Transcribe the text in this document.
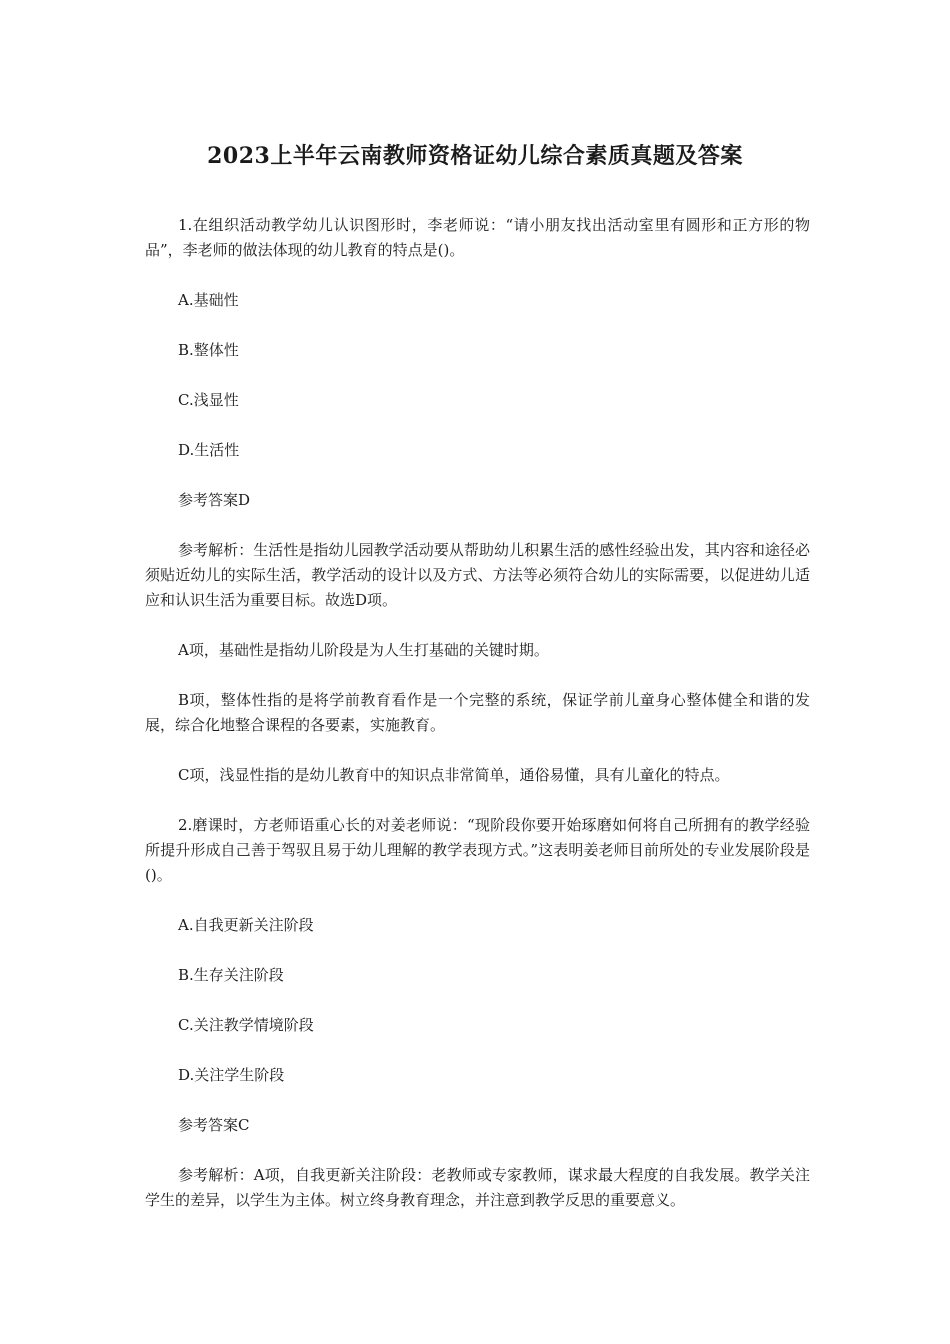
2023上半年云南教师资格证幼儿综合素质真题及答案

1.在组织活动教学幼儿认识图形时，李老师说：“请小朋友找出活动室里有圆形和正方形的物品”，李老师的做法体现的幼儿教育的特点是()。

A.基础性

B.整体性

C.浅显性

D.生活性

参考答案D

参考解析：生活性是指幼儿园教学活动要从帮助幼儿积累生活的感性经验出发，其内容和途径必须贴近幼儿的实际生活，教学活动的设计以及方式、方法等必须符合幼儿的实际需要，以促进幼儿适应和认识生活为重要目标。故选D项。

A项，基础性是指幼儿阶段是为人生打基础的关键时期。

B项，整体性指的是将学前教育看作是一个完整的系统，保证学前儿童身心整体健全和谐的发展，综合化地整合课程的各要素，实施教育。

C项，浅显性指的是幼儿教育中的知识点非常简单，通俗易懂，具有儿童化的特点。

2.磨课时，方老师语重心长的对姜老师说：“现阶段你要开始琢磨如何将自己所拥有的教学经验所提升形成自己善于驾驭且易于幼儿理解的教学表现方式。”这表明姜老师目前所处的专业发展阶段是()。

A.自我更新关注阶段

B.生存关注阶段

C.关注教学情境阶段

D.关注学生阶段

参考答案C

参考解析：A项，自我更新关注阶段：老教师或专家教师，谋求最大程度的自我发展。教学关注学生的差异，以学生为主体。树立终身教育理念，并注意到教学反思的重要意义。
